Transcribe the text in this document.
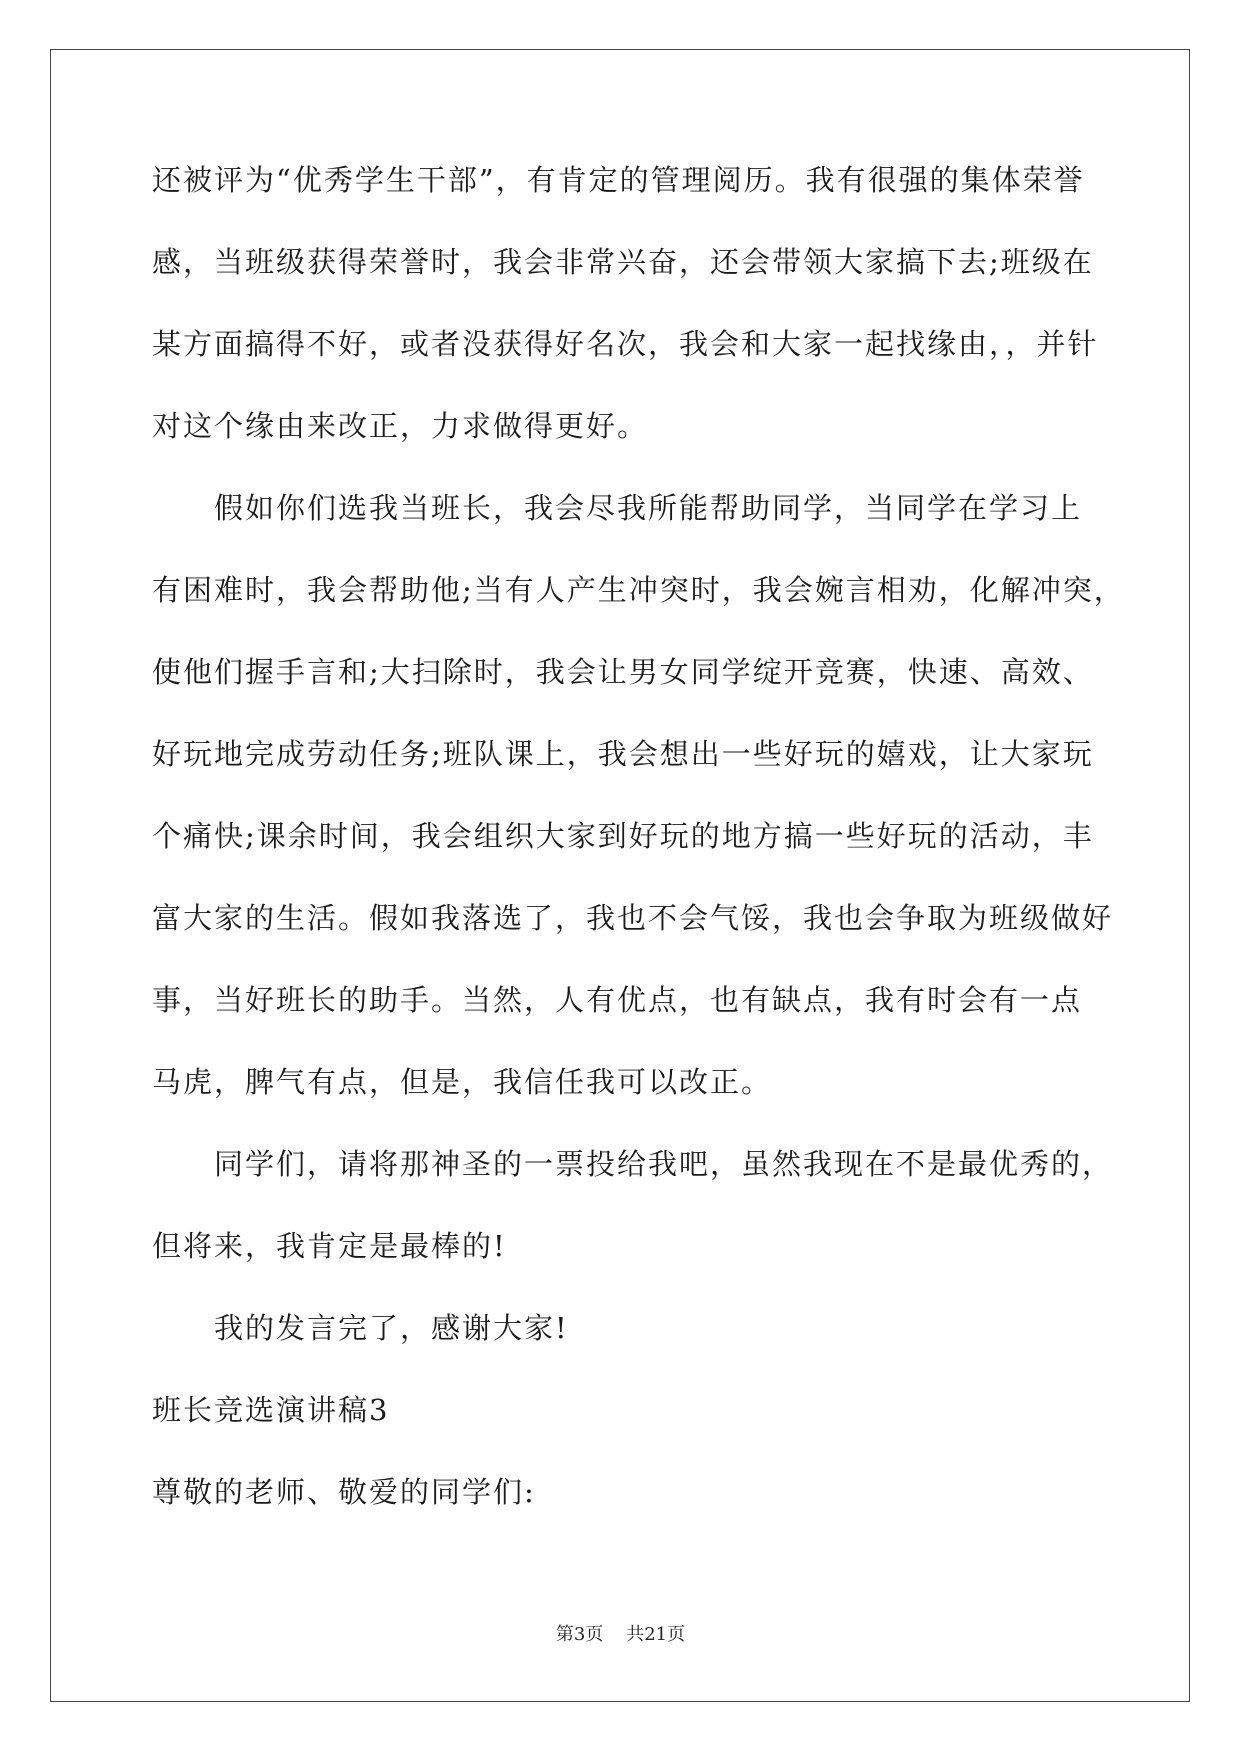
还被评为“优秀学生干部”，有肯定的管理阅历。我有很强的集体荣誉
感，当班级获得荣誉时，我会非常兴奋，还会带领大家搞下去;班级在
某方面搞得不好，或者没获得好名次，我会和大家一起找缘由，，并针
对这个缘由来改正，力求做得更好。
假如你们选我当班长，我会尽我所能帮助同学，当同学在学习上
有困难时，我会帮助他;当有人产生冲突时，我会婉言相劝，化解冲突，
使他们握手言和;大扫除时，我会让男女同学绽开竞赛，快速、高效、
好玩地完成劳动任务;班队课上，我会想出一些好玩的嬉戏，让大家玩
个痛快;课余时间，我会组织大家到好玩的地方搞一些好玩的活动，丰
富大家的生活。假如我落选了，我也不会气馁，我也会争取为班级做好
事，当好班长的助手。当然，人有优点，也有缺点，我有时会有一点
马虎，脾气有点，但是，我信任我可以改正。
同学们，请将那神圣的一票投给我吧，虽然我现在不是最优秀的，
但将来，我肯定是最棒的!
我的发言完了，感谢大家!
班长竞选演讲稿3
尊敬的老师、敬爱的同学们:
第3页    共21页
